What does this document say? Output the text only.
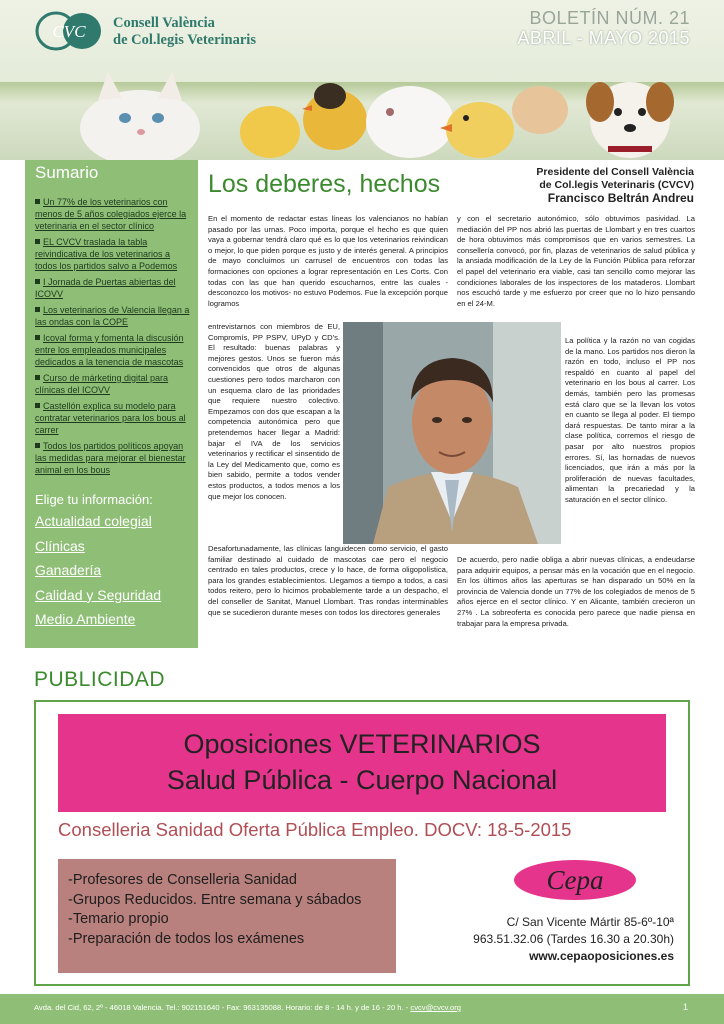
CVC Consell València
de Col.legis Veterinaris
BOLETÍN NÚM. 21
ABRIL - MAYO 2015
Sumario
Un 77% de los veterinarios con menos de 5 años colegiados ejerce la veterinaria en el sector clínico
EL CVCV traslada la tabla reivindicativa de los veterinarios a todos los partidos salvo a Podemos
I Jornada de Puertas abiertas del ICOVV
Los veterinarios de Valencia llegan a las ondas con la COPE
Icoval forma y fomenta la discusión entre los empleados municipales dedicados a la tenencia de mascotas
Curso de márketing digital para clínicas del ICOVV
Castellón explica su modelo para contratar veterinarios para los bous al carrer
Todos los partidos políticos apoyan las medidas para mejorar el bienestar animal en los bous
Elige tu información:
Actualidad colegial
Clínicas
Ganadería
Calidad y Seguridad
Medio Ambiente
Los deberes, hechos	Presidente del Consell València
de Col.legis Veterinaris (CVCV)
Francisco Beltrán Andreu
En el momento de redactar estas líneas los valencianos no habían pasado por las urnas. Poco importa, porque el hecho es que quien vaya a gobernar tendrá claro qué es lo que los veterinarios reivindican o mejor, lo que piden porque es justo y de interés general. A principios de mayo concluimos un carrusel de encuentros con todas las formaciones con opciones a lograr representación en Les Corts. Con todas con las que han querido escucharnos, entre las cuales -desconozco los motivos- no estuvo Podemos. Fue la excepción porque logramos
entrevistarnos con miembros de EU, Compromís, PP PSPV, UPyD y CD's. El resultado: buenas palabras y mejores gestos. Unos se fueron más convencidos que otros de algunas cuestiones pero todos marcharon con un esquema claro de las prioridades que requiere nuestro colectivo. Empezamos con dos que escapan a la competencia autonómica pero que pretendemos hacer llegar a Madrid: bajar el IVA de los servicios veterinarios y rectificar el sinsentido de la Ley del Medicamento que, como es bien sabido, permite a todos vender estos productos, a todos menos a los que mejor los conocen.
Desafortunadamente, las clínicas languidecen como servicio, el gasto familiar destinado al cuidado de mascotas cae pero el negocio centrado en tales productos, crece y lo hace, de forma oligopolística, para los grandes establecimientos. Llegamos a tiempo a todos, a casi todos reitero, pero lo hicimos probablemente tarde a un despacho, el del conseller de Sanitat, Manuel Llombart. Tras rondas interminables que se sucedieron durante meses con todos los directores generales
y con el secretario autonómico, sólo obtuvimos pasividad. La mediación del PP nos abrió las puertas de Llombart y en tres cuartos de hora obtuvimos más compromisos que en varios semestres. La consellería convocó, por fin, plazas de veterinarios de salud pública y la ansiada modificación de la Ley de la Función Pública para reforzar el papel del veterinario era viable, casi tan sencillo como mejorar las condiciones laborales de los inspectores de los mataderos. Llombart nos escuchó tarde y me esfuerzo por creer que no lo hizo pensando en el 24-M.
La política y la razón no van cogidas de la mano. Los partidos nos dieron la razón en todo, incluso el PP nos respaldó en cuanto al papel del veterinario en los bous al carrer. Los demás, también pero las promesas está claro que se la llevan los votos en cuanto se llega al poder. El tiempo dará respuestas. De tanto mirar a la clase política, corremos el riesgo de pasar por alto nuestros propios errores. Sí, las hornadas de nuevos licenciados, que irán a más por la proliferación de nuevas facultades, alimentan la precariedad y la saturación en el sector clínico.
De acuerdo, pero nadie obliga a abrir nuevas clínicas, a endeudarse para adquirir equipos, a pensar más en la vocación que en el negocio. En los últimos años las aperturas se han disparado un 50% en la provincia de Valencia donde un 77% de los colegiados de menos de 5 años ejerce en el sector clínico. Y en Alicante, también crecieron un 27% . La sobreoferta es conocida pero parece que nadie piensa en trabajar para la empresa privada.
PUBLICIDAD
Oposiciones VETERINARIOS
Salud Pública - Cuerpo Nacional
Conselleria Sanidad Oferta Pública Empleo. DOCV: 18-5-2015
-Profesores de Conselleria Sanidad
-Grupos Reducidos. Entre semana y sábados
-Temario propio
-Preparación de todos los exámenes
Cepa
C/ San Vicente Mártir 85-6º-10ª
963.51.32.06 (Tardes 16.30 a 20.30h)
www.cepaoposiciones.es
Avda. del Cid, 62, 2º - 46018 Valencia. Tel.: 902151640 - Fax: 963135088. Horario: de 8 - 14 h. y de 16 - 20 h. - cvcv@cvcv.org	1
